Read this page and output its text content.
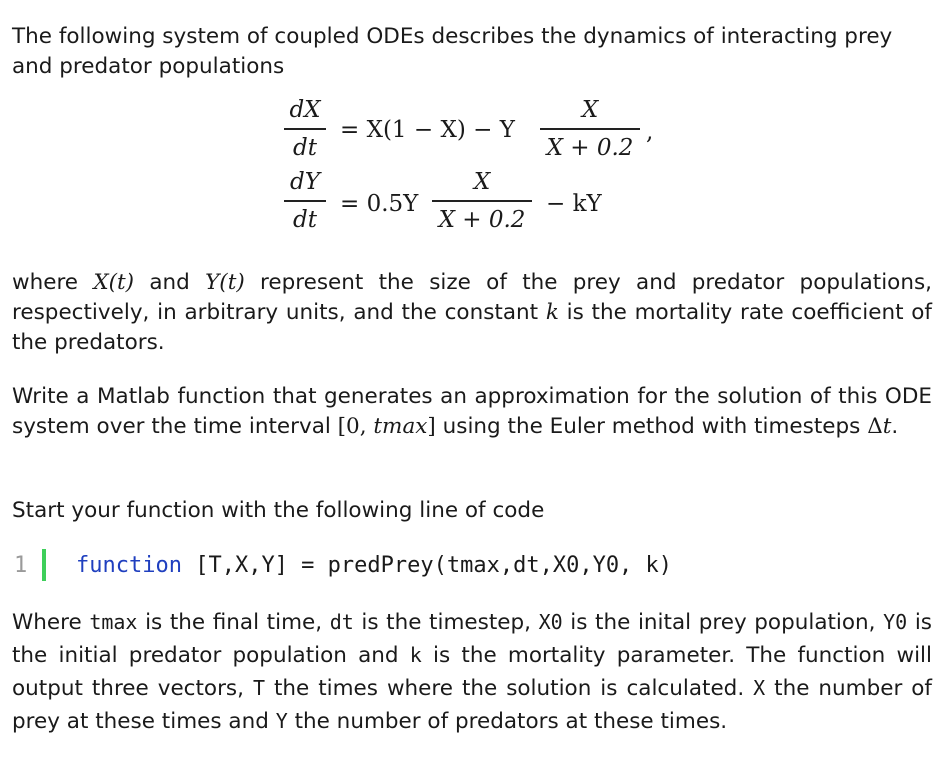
The following system of coupled ODEs describes the dynamics of interacting prey and predator populations

dX
dt
= X(1 − X) − Y
X
X + 0.2
,
dY
dt
= 0.5Y
X
X + 0.2
− kY

where X(t) and Y(t) represent the size of the prey and predator populations, respectively, in arbitrary units, and the constant k is the mortality rate coefficient of the predators.

Write a Matlab function that generates an approximation for the solution of this ODE system over the time interval [0, tmax] using the Euler method with timesteps Δt.

Start your function with the following line of code

1 function [T,X,Y] = predPrey(tmax,dt,X0,Y0, k)

Where tmax is the final time, dt is the timestep, X0 is the inital prey population, Y0 is the initial predator population and k is the mortality parameter. The function will output three vectors, T the times where the solution is calculated. X the number of prey at these times and Y the number of predators at these times.
